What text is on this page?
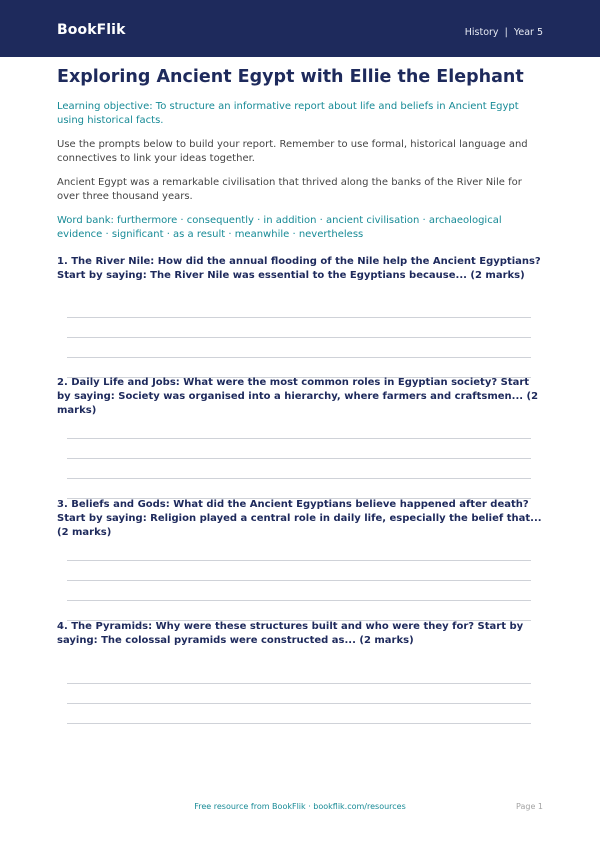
BookFlik	History | Year 5
Exploring Ancient Egypt with Ellie the Elephant

Learning objective: To structure an informative report about life and beliefs in Ancient Egypt using historical facts.

Use the prompts below to build your report. Remember to use formal, historical language and connectives to link your ideas together.

Ancient Egypt was a remarkable civilisation that thrived along the banks of the River Nile for over three thousand years.

Word bank: furthermore · consequently · in addition · ancient civilisation · archaeological evidence · significant · as a result · meanwhile · nevertheless

1. The River Nile: How did the annual flooding of the Nile help the Ancient Egyptians? Start by saying: The River Nile was essential to the Egyptians because... (2 marks)
2. Daily Life and Jobs: What were the most common roles in Egyptian society? Start by saying: Society was organised into a hierarchy, where farmers and craftsmen... (2 marks)
3. Beliefs and Gods: What did the Ancient Egyptians believe happened after death? Start by saying: Religion played a central role in daily life, especially the belief that... (2 marks)
4. The Pyramids: Why were these structures built and who were they for? Start by saying: The colossal pyramids were constructed as... (2 marks)
Free resource from BookFlik · bookflik.com/resources	Page 1
